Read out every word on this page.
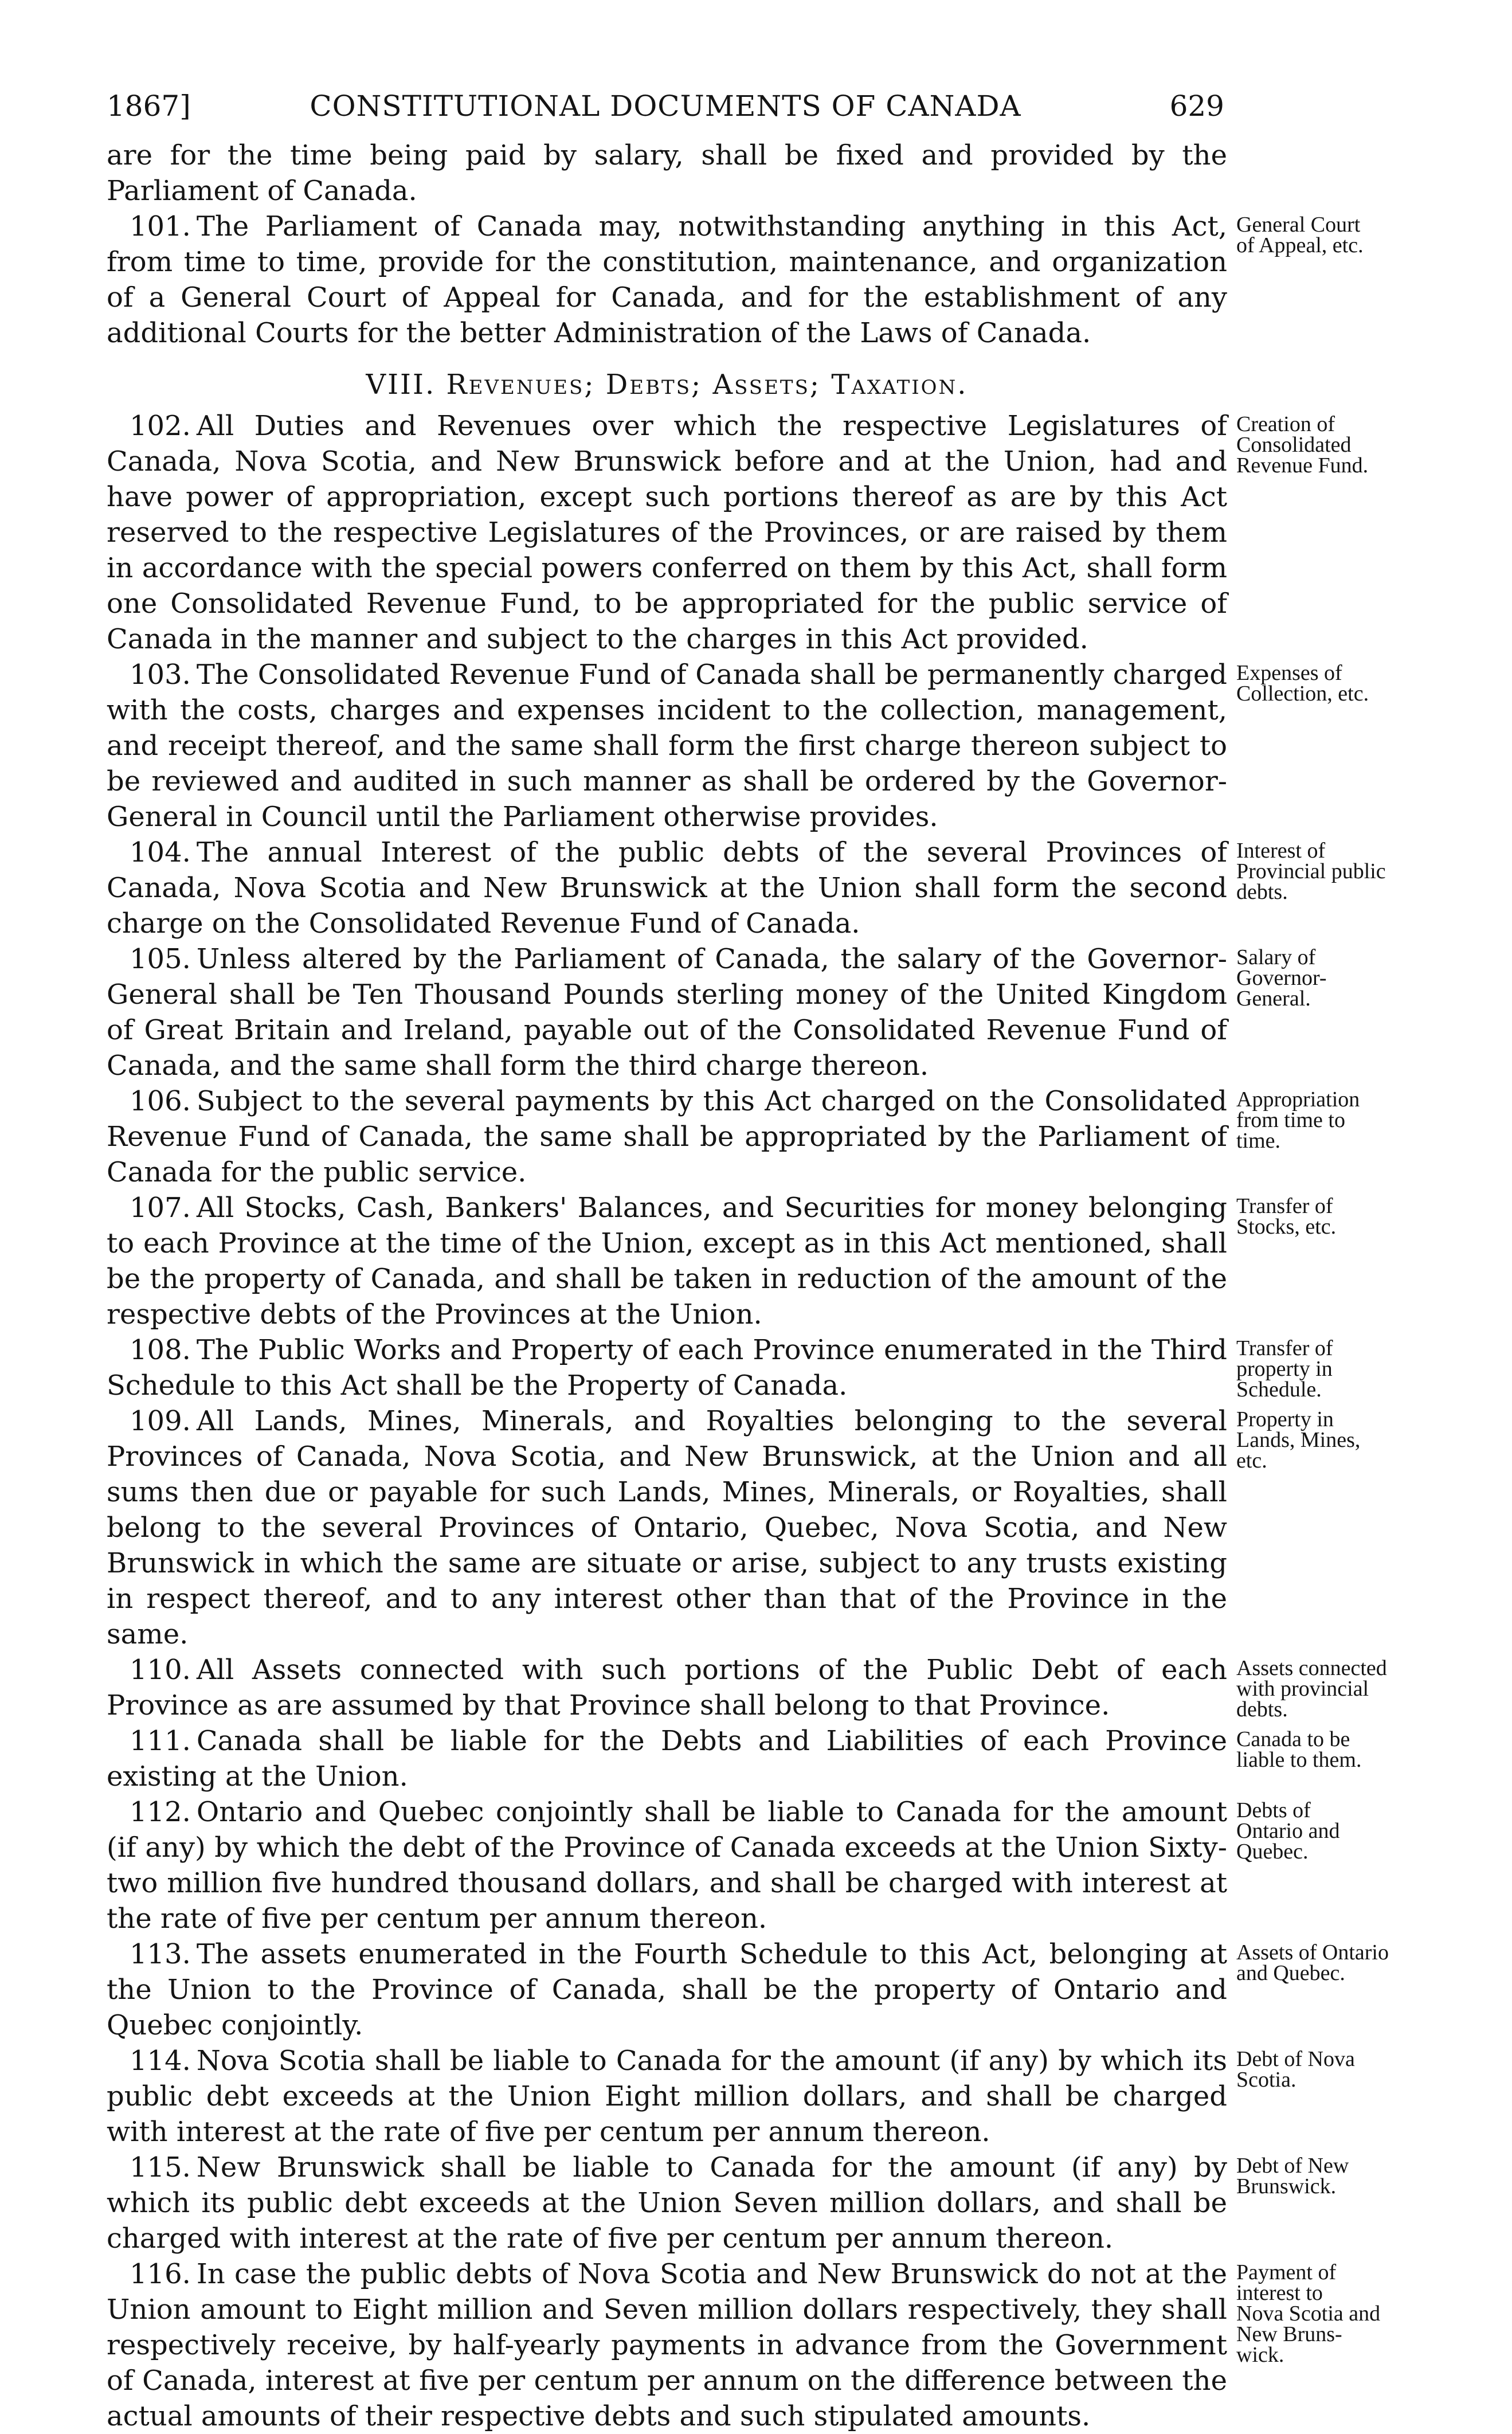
1867]	CONSTITUTIONAL DOCUMENTS OF CANADA	629
are for the time being paid by salary, shall be fixed and provided by the Parliament of Canada.
101. The Parliament of Canada may, notwithstanding anything in this Act, from time to time, provide for the constitution, maintenance, and organization of a General Court of Appeal for Canada, and for the establishment of any additional Courts for the better Administration of the Laws of Canada.
General Court
of Appeal, etc.
VIII. Revenues; Debts; Assets; Taxation.
102. All Duties and Revenues over which the respective Legislatures of Canada, Nova Scotia, and New Brunswick before and at the Union, had and have power of appropriation, except such portions thereof as are by this Act reserved to the respective Legislatures of the Provinces, or are raised by them in accordance with the special powers conferred on them by this Act, shall form one Consolidated Revenue Fund, to be appropriated for the public service of Canada in the manner and subject to the charges in this Act provided.
Creation of
Consolidated
Revenue Fund.
103. The Consolidated Revenue Fund of Canada shall be permanently charged with the costs, charges and expenses incident to the collection, management, and receipt thereof, and the same shall form the first charge thereon subject to be reviewed and audited in such manner as shall be ordered by the Governor-General in Council until the Parliament otherwise provides.
Expenses of
Collection, etc.
104. The annual Interest of the public debts of the several Provinces of Canada, Nova Scotia and New Brunswick at the Union shall form the second charge on the Consolidated Revenue Fund of Canada.
Interest of
Provincial public
debts.
105. Unless altered by the Parliament of Canada, the salary of the Governor-General shall be Ten Thousand Pounds sterling money of the United Kingdom of Great Britain and Ireland, payable out of the Consolidated Revenue Fund of Canada, and the same shall form the third charge thereon.
Salary of
Governor-
General.
106. Subject to the several payments by this Act charged on the Consolidated Revenue Fund of Canada, the same shall be appropriated by the Parliament of Canada for the public service.
Appropriation
from time to
time.
107. All Stocks, Cash, Bankers' Balances, and Securities for money belonging to each Province at the time of the Union, except as in this Act mentioned, shall be the property of Canada, and shall be taken in reduction of the amount of the respective debts of the Provinces at the Union.
Transfer of
Stocks, etc.
108. The Public Works and Property of each Province enumerated in the Third Schedule to this Act shall be the Property of Canada.
Transfer of
property in
Schedule.
109. All Lands, Mines, Minerals, and Royalties belonging to the several Provinces of Canada, Nova Scotia, and New Brunswick, at the Union and all sums then due or payable for such Lands, Mines, Minerals, or Royalties, shall belong to the several Provinces of Ontario, Quebec, Nova Scotia, and New Brunswick in which the same are situate or arise, subject to any trusts existing in respect thereof, and to any interest other than that of the Province in the same.
Property in
Lands, Mines,
etc.
110. All Assets connected with such portions of the Public Debt of each Province as are assumed by that Province shall belong to that Province.
Assets connected
with provincial
debts.
111. Canada shall be liable for the Debts and Liabilities of each Province existing at the Union.
Canada to be
liable to them.
112. Ontario and Quebec conjointly shall be liable to Canada for the amount (if any) by which the debt of the Province of Canada exceeds at the Union Sixty-two million five hundred thousand dollars, and shall be charged with interest at the rate of five per centum per annum thereon.
Debts of
Ontario and
Quebec.
113. The assets enumerated in the Fourth Schedule to this Act, belonging at the Union to the Province of Canada, shall be the property of Ontario and Quebec conjointly.
Assets of Ontario
and Quebec.
114. Nova Scotia shall be liable to Canada for the amount (if any) by which its public debt exceeds at the Union Eight million dollars, and shall be charged with interest at the rate of five per centum per annum thereon.
Debt of Nova
Scotia.
115. New Brunswick shall be liable to Canada for the amount (if any) by which its public debt exceeds at the Union Seven million dollars, and shall be charged with interest at the rate of five per centum per annum thereon.
Debt of New
Brunswick.
116. In case the public debts of Nova Scotia and New Brunswick do not at the Union amount to Eight million and Seven million dollars respectively, they shall respectively receive, by half-yearly payments in advance from the Government of Canada, interest at five per centum per annum on the difference between the actual amounts of their respective debts and such stipulated amounts.
Payment of
interest to
Nova Scotia and
New Bruns-
wick.
